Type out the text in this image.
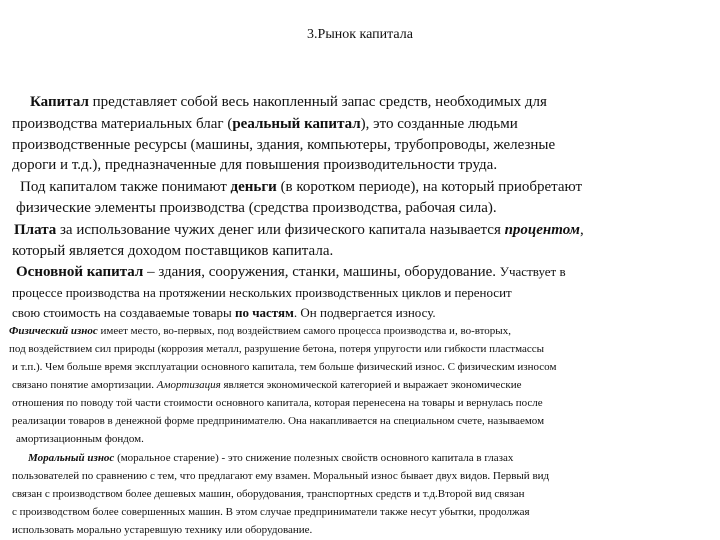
3.Рынок капитала
Капитал представляет собой весь накопленный запас средств, необходимых для
производства материальных благ (реальный капитал), это созданные людьми
производственные ресурсы (машины, здания, компьютеры, трубопроводы, железные
дороги и т.д.), предназначенные для повышения производительности труда.
Под капиталом также понимают деньги (в коротком периоде), на который приобретают
физические элементы производства (средства производства, рабочая сила).
Плата за использование чужих денег или физического капитала называется процентом,
который является доходом поставщиков капитала.
Основной капитал – здания, сооружения, станки, машины, оборудование. Участвует в
процессе производства на протяжении нескольких производственных циклов и переносит
свою стоимость на создаваемые товары по частям. Он подвергается износу.
Физический износ имеет место, во-первых, под воздействием самого процесса производства и, во-вторых,
под воздействием сил природы (коррозия металл, разрушение бетона, потеря упругости или гибкости пластмассы
и т.п.). Чем больше время эксплуатации основного капитала, тем больше физический износ. С физическим износом
связано понятие амортизации. Амортизация является экономической категорией и выражает экономические
отношения по поводу той части стоимости основного капитала, которая перенесена на товары и вернулась после
реализации товаров в денежной форме предпринимателю. Она накапливается на специальном счете, называемом
амортизационным фондом.
Моральный износ (моральное старение) - это снижение полезных свойств основного капитала в глазах
пользователей по сравнению с тем, что предлагают ему взамен. Моральный износ бывает двух видов. Первый вид
связан с производством более дешевых машин, оборудования, транспортных средств и т.д.Второй вид связан
с производством более совершенных машин. В этом случае предприниматели также несут убытки, продолжая
использовать морально устаревшую технику или оборудование.
